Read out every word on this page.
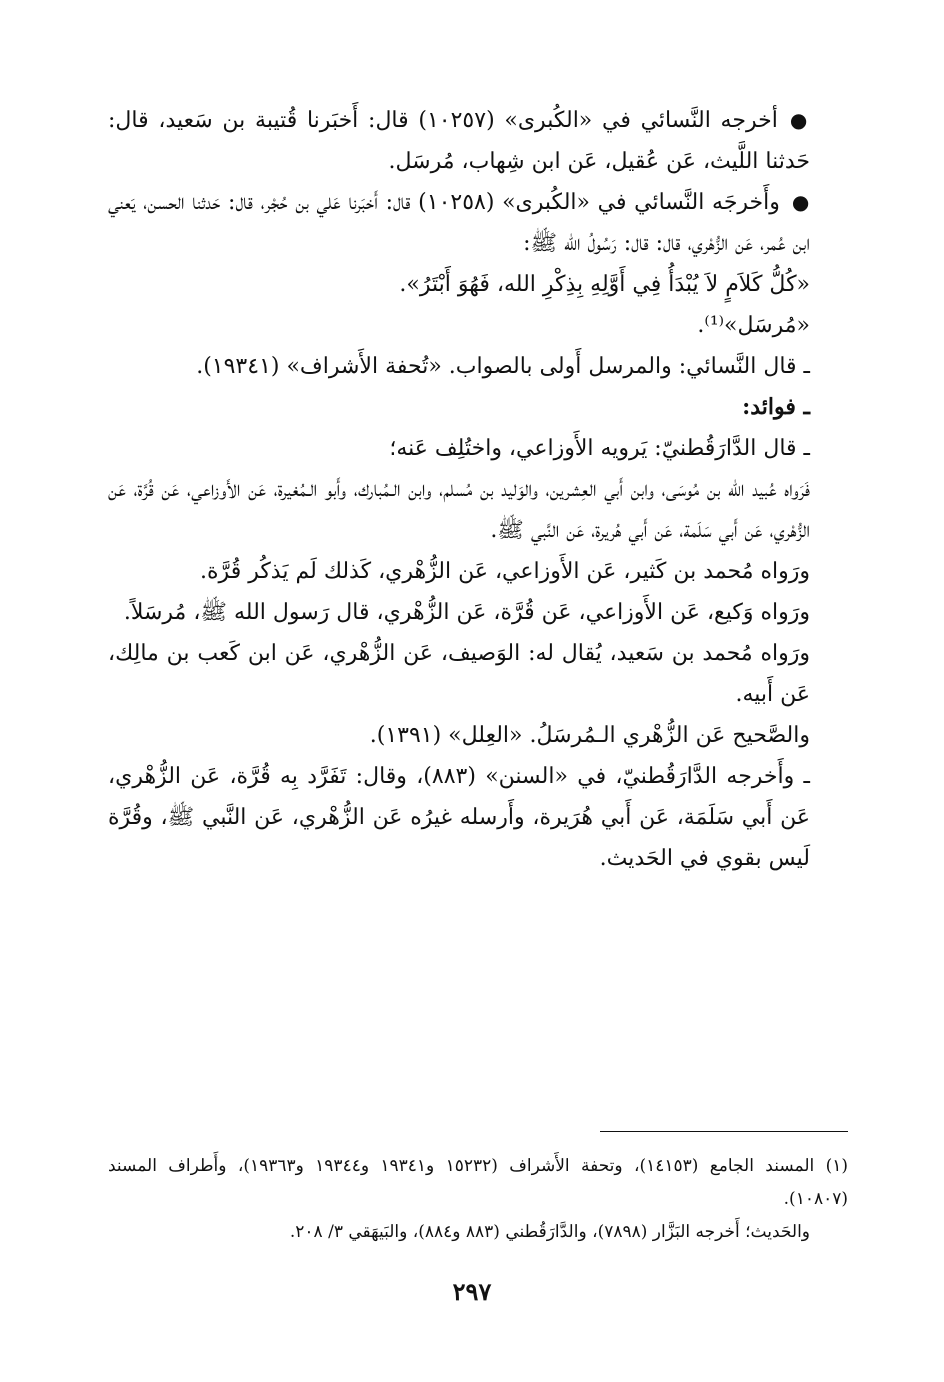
●أخرجه النَّسائي في «الكُبرى» (١٠٢٥٧) قال: أَخبَرنا قُتيبة بن سَعيد، قال: حَدثنا اللَّيث، عَن عُقيل، عَن ابن شِهاب، مُرسَل.

●وأَخرجَه النَّسائي في «الكُبرى» (١٠٢٥٨) قال: أَخبَرنا عَلي بن حُجْر، قال: حَدثنا الحسن، يَعني ابن عُمر، عَن الزُّهْري، قال: قال: رَسُولُ الله ﷺ:

«كُلُّ كَلاَمٍ لاَ يُبْدَأُ فِي أَوَّلِهِ بِذِكْرِ الله، فَهُوَ أَبْتَرُ».

«مُرسَل»⁽¹⁾.

ـ قال النَّسائي: والمرسل أَولى بالصواب. «تُحفة الأَشراف» (١٩٣٤١).

ـ فوائد:

ـ قال الدَّارَقُطنيّ: يَرويه الأَوزاعي، واختُلِف عَنه؛

فَرَواه عُبيد الله بن مُوسَى، وابن أَبي العِشرين، والوَليد بن مُسلم، وابن الـمُبارك، وأَبو الـمُغيرة، عَن الأَوزاعي، عَن قُرَّة، عَن الزُّهْري، عَن أَبي سَلَمة، عَن أَبي هُريرة، عَن النَّبي ﷺ.

ورَواه مُحمد بن كَثير، عَن الأَوزاعي، عَن الزُّهْري، كَذلك لَم يَذكُر قُرَّة.

ورَواه وَكيع، عَن الأَوزاعي، عَن قُرَّة، عَن الزُّهْري، قال رَسول الله ﷺ، مُرسَلاً.

ورَواه مُحمد بن سَعيد، يُقال له: الوَصيف، عَن الزُّهْري، عَن ابن كَعب بن مالِك، عَن أَبيه.

والصَّحيح عَن الزُّهْري الـمُرسَلُ. «العِلل» (١٣٩١).

ـ وأَخرجه الدَّارَقُطنيّ، في «السنن» (٨٨٣)، وقال: تَفَرَّد بِه قُرَّة، عَن الزُّهْري، عَن أَبي سَلَمَة، عَن أَبي هُرَيرة، وأَرسله غيرُه عَن الزُّهْري، عَن النَّبي ﷺ، وقُرَّة لَيس بقوي في الحَديث.

(١) المسند الجامع (١٤١٥٣)، وتحفة الأَشراف (١٥٢٣٢ و١٩٣٤١ و١٩٣٤٤ و١٩٣٦٣)، وأَطراف المسند (١٠٨٠٧).

والحَديث؛ أَخرجه البَزَّار (٧٨٩٨)، والدَّارَقُطني (٨٨٣ و٨٨٤)، والبَيهَقي ٣/ ٢٠٨.

٢٩٧
